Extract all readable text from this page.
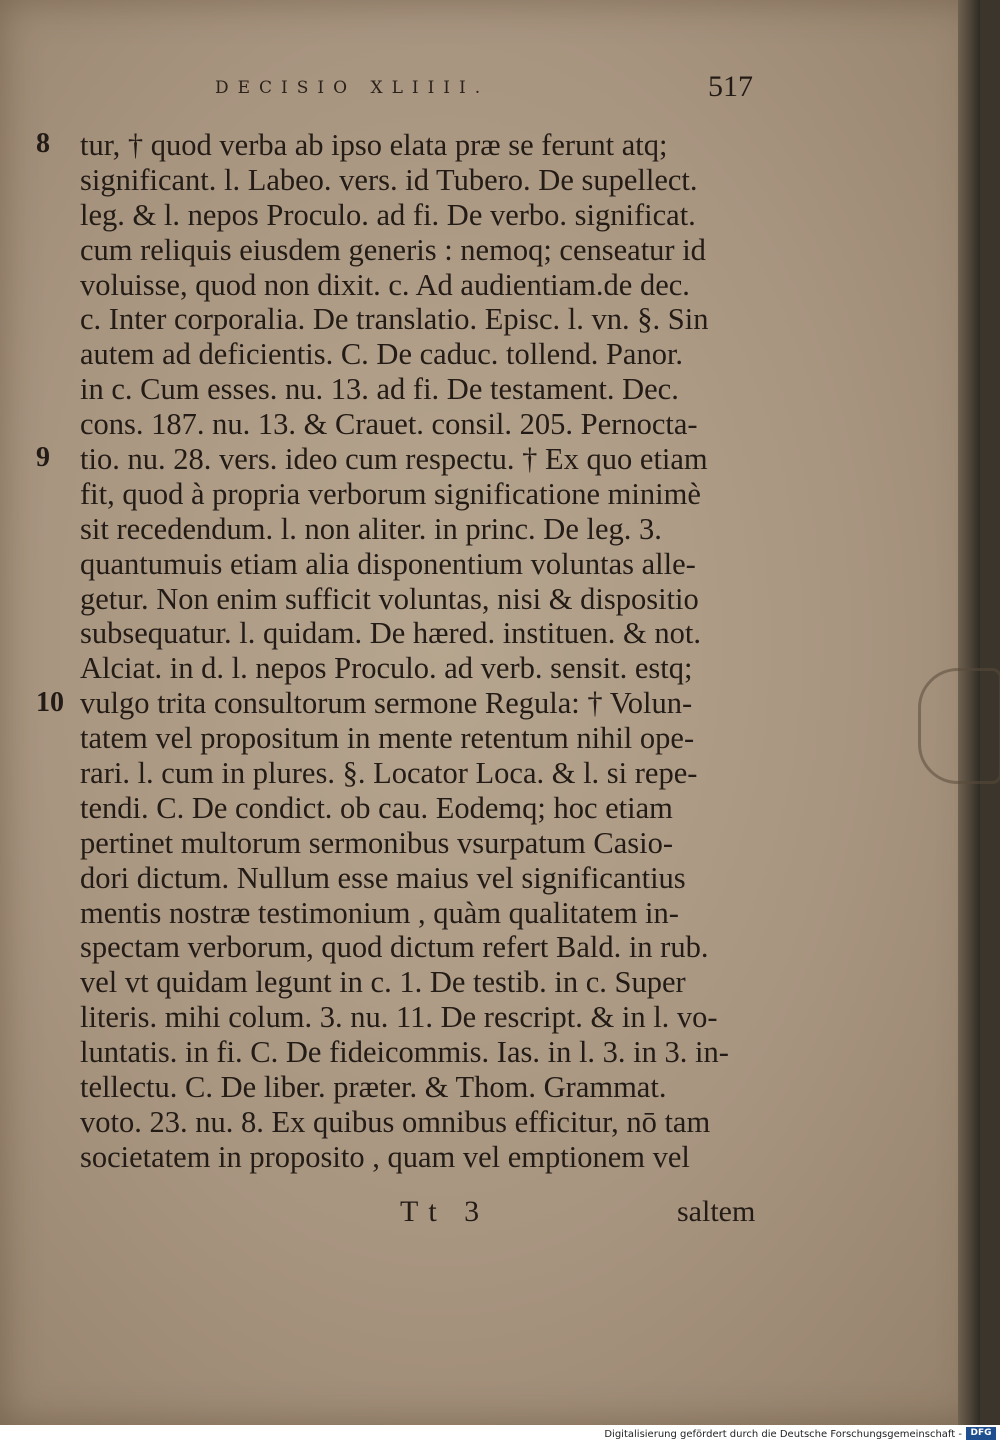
DECISIO XLIIII.	517
8
9
10
tur, † quod verba ab ipso elata præ se ferunt atq;
significant. l. Labeo. vers. id Tubero. De supellect.
leg. & l. nepos Proculo. ad fi. De verbo. significat.
cum reliquis eiusdem generis : nemoq; censeatur id
voluisse, quod non dixit. c. Ad audientiam.de dec.
c. Inter corporalia. De translatio. Episc. l. vn. §. Sin
autem ad deficientis. C. De caduc. tollend. Panor.
in c. Cum esses. nu. 13. ad fi. De testament. Dec.
cons. 187. nu. 13. & Crauet. consil. 205. Pernocta-
tio. nu. 28. vers. ideo cum respectu. † Ex quo etiam
fit, quod à propria verborum significatione minimè
sit recedendum. l. non aliter. in princ. De leg. 3.
quantumuis etiam alia disponentium voluntas alle-
getur. Non enim sufficit voluntas, nisi & dispositio
subsequatur. l. quidam. De hæred. instituen. & not.
Alciat. in d. l. nepos Proculo. ad verb. sensit. estq;
vulgo trita consultorum sermone Regula: † Volun-
tatem vel propositum in mente retentum nihil ope-
rari. l. cum in plures. §. Locator Loca. & l. si repe-
tendi. C. De condict. ob cau. Eodemq; hoc etiam
pertinet multorum sermonibus vsurpatum Casio-
dori dictum. Nullum esse maius vel significantius
mentis nostræ testimonium , quàm qualitatem in-
spectam verborum, quod dictum refert Bald. in rub.
vel vt quidam legunt in c. 1. De testib. in c. Super
literis. mihi colum. 3. nu. 11. De rescript. & in l. vo-
luntatis. in fi. C. De fideicommis. Ias. in l. 3. in 3. in-
tellectu. C. De liber. præter. & Thom. Grammat.
voto. 23. nu. 8. Ex quibus omnibus efficitur, nō tam
societatem in proposito , quam vel emptionem vel
Tt 3	saltem
Digitalisierung gefördert durch die Deutsche Forschungsgemeinschaft - DFG
